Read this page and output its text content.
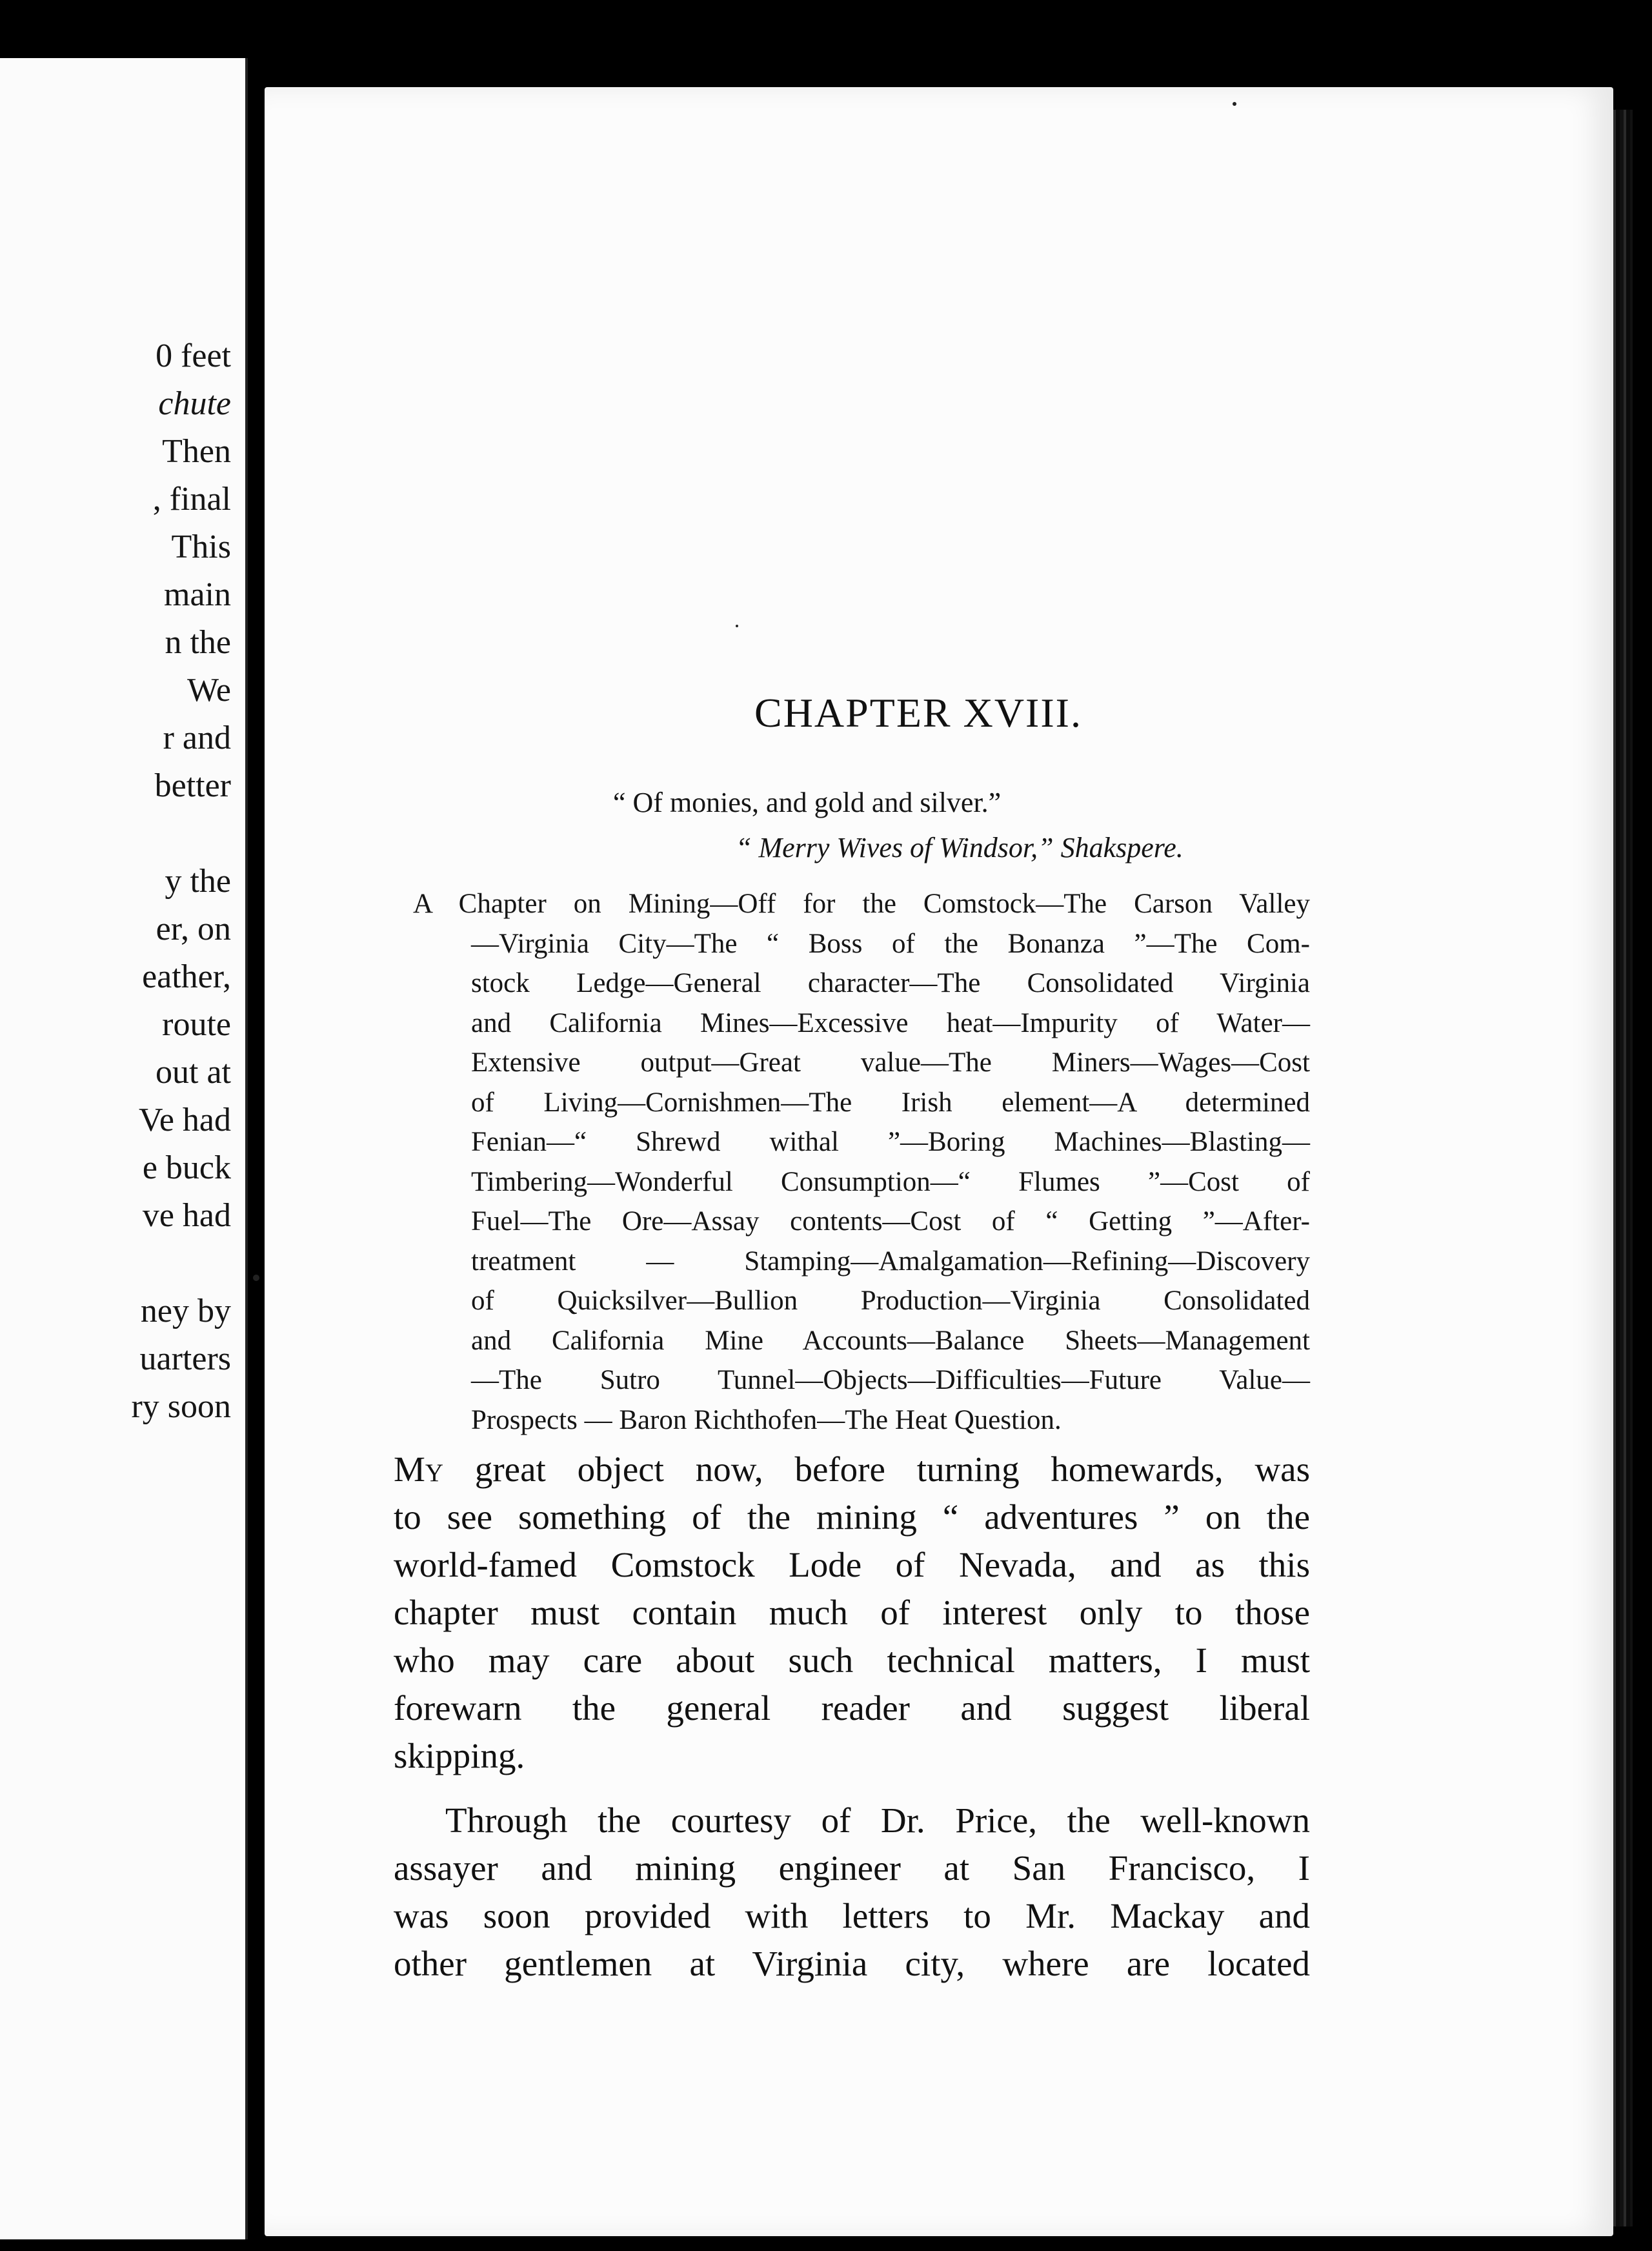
0 feet
chute
Then
, final
This
main
n the
We
r and
better
y the
er, on
eather,
route
out at
Ve had
e buck
ve had
ney by
uarters
ry soon
CHAPTER XVIII.
“ Of monies, and gold and silver.”
“ Merry Wives of Windsor,” Shakspere.
A Chapter on Mining—Off for the Comstock—The Carson Valley
—Virginia City—The “ Boss of the Bonanza ”—The Com-
stock Ledge—General character—The Consolidated Virginia
and California Mines—Excessive heat—Impurity of Water—
Extensive output—Great value—The Miners—Wages—Cost
of Living—Cornishmen—The Irish element—A determined
Fenian—“ Shrewd withal ”—Boring Machines—Blasting—
Timbering—Wonderful Consumption—“ Flumes ”—Cost of
Fuel—The Ore—Assay contents—Cost of “ Getting ”—After-
treatment — Stamping—Amalgamation—Refining—Discovery
of Quicksilver—Bullion Production—Virginia Consolidated
and California Mine Accounts—Balance Sheets—Management
—The Sutro Tunnel—Objects—Difficulties—Future Value—
Prospects — Baron Richthofen—The Heat Question.
My great object now, before turning homewards, was
to see something of the mining “ adventures ” on the
world-famed Comstock Lode of Nevada, and as this
chapter must contain much of interest only to those
who may care about such technical matters, I must
forewarn the general reader and suggest liberal
skipping.
Through the courtesy of Dr. Price, the well-known
assayer and mining engineer at San Francisco, I
was soon provided with letters to Mr. Mackay and
other gentlemen at Virginia city, where are located
